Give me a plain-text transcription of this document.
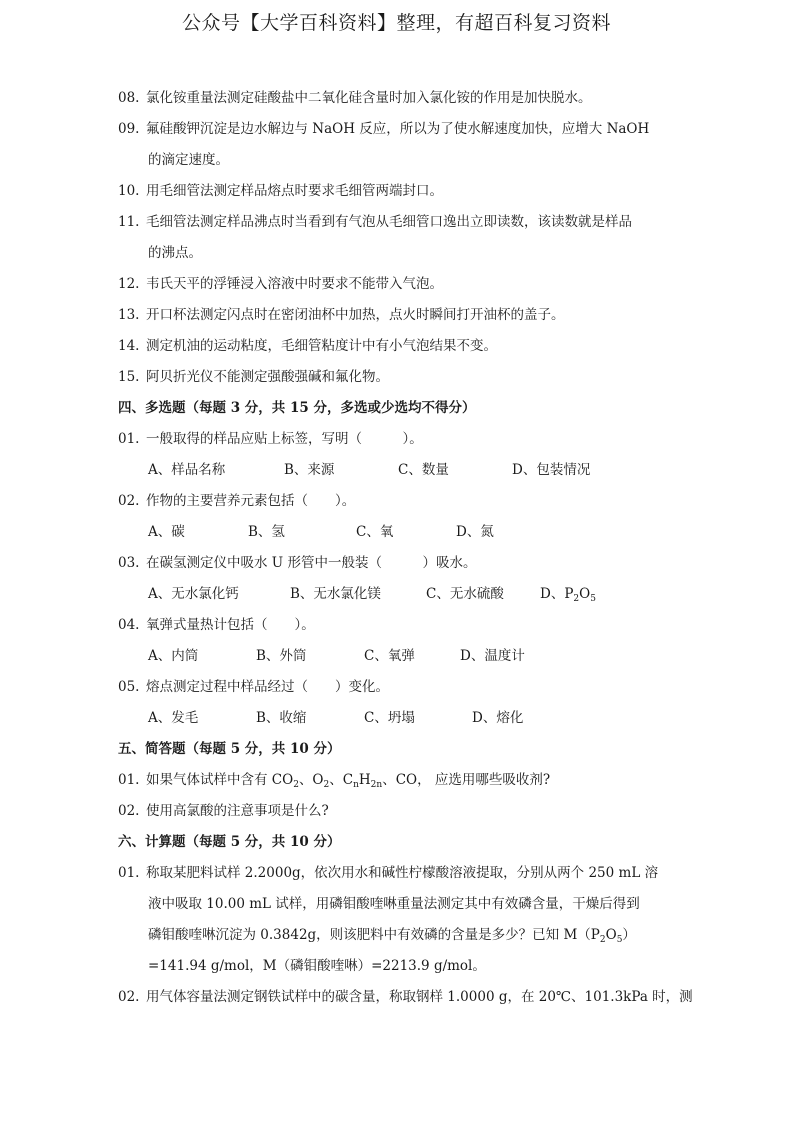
公众号【大学百科资料】整理，有超百科复习资料
08. 氯化铵重量法测定硅酸盐中二氧化硅含量时加入氯化铵的作用是加快脱水。
09. 氟硅酸钾沉淀是边水解边与 NaOH 反应，所以为了使水解速度加快，应增大 NaOH
的滴定速度。
10. 用毛细管法测定样品熔点时要求毛细管两端封口。
11. 毛细管法测定样品沸点时当看到有气泡从毛细管口逸出立即读数，该读数就是样品
的沸点。
12. 韦氏天平的浮锤浸入溶液中时要求不能带入气泡。
13. 开口杯法测定闪点时在密闭油杯中加热，点火时瞬间打开油杯的盖子。
14. 测定机油的运动粘度，毛细管粘度计中有小气泡结果不变。
15. 阿贝折光仪不能测定强酸强碱和氟化物。
四、多选题（每题 3 分，共 15 分，多选或少选均不得分）
01. 一般取得的样品应贴上标签，写明（　　　）。
A、样品名称	B、来源	C、数量	D、包装情况
02. 作物的主要营养元素包括（　　）。
A、碳	B、氢	C、氧	D、氮
03. 在碳氢测定仪中吸水 U 形管中一般装（　　　）吸水。
A、无水氯化钙	B、无水氯化镁	C、无水硫酸	D、$P_2O_5$
04. 氧弹式量热计包括（　　）。
A、内筒	B、外筒	C、氧弹	D、温度计
05. 熔点测定过程中样品经过（　　）变化。
A、发毛	B、收缩	C、坍塌	D、熔化
五、简答题（每题 5 分，共 10 分）
01. 如果气体试样中含有 $CO_2$、$O_2$、$C_nH_{2n}$、CO， 应选用哪些吸收剂?
02. 使用高氯酸的注意事项是什么?
六、计算题（每题 5 分，共 10 分）
01. 称取某肥料试样 2.2000g，依次用水和碱性柠檬酸溶液提取，分别从两个 250 mL 溶
液中吸取 10.00 mL 试样，用磷钼酸喹啉重量法测定其中有效磷含量，干燥后得到
磷钼酸喹啉沉淀为 0.3842g，则该肥料中有效磷的含量是多少？已知 $M(P_2O_5)$
=141.94 g/mol，M（磷钼酸喹啉）=2213.9 g/mol。
02. 用气体容量法测定钢铁试样中的碳含量，称取钢样 1.0000 g，在 20℃、101.3kPa 时，测
